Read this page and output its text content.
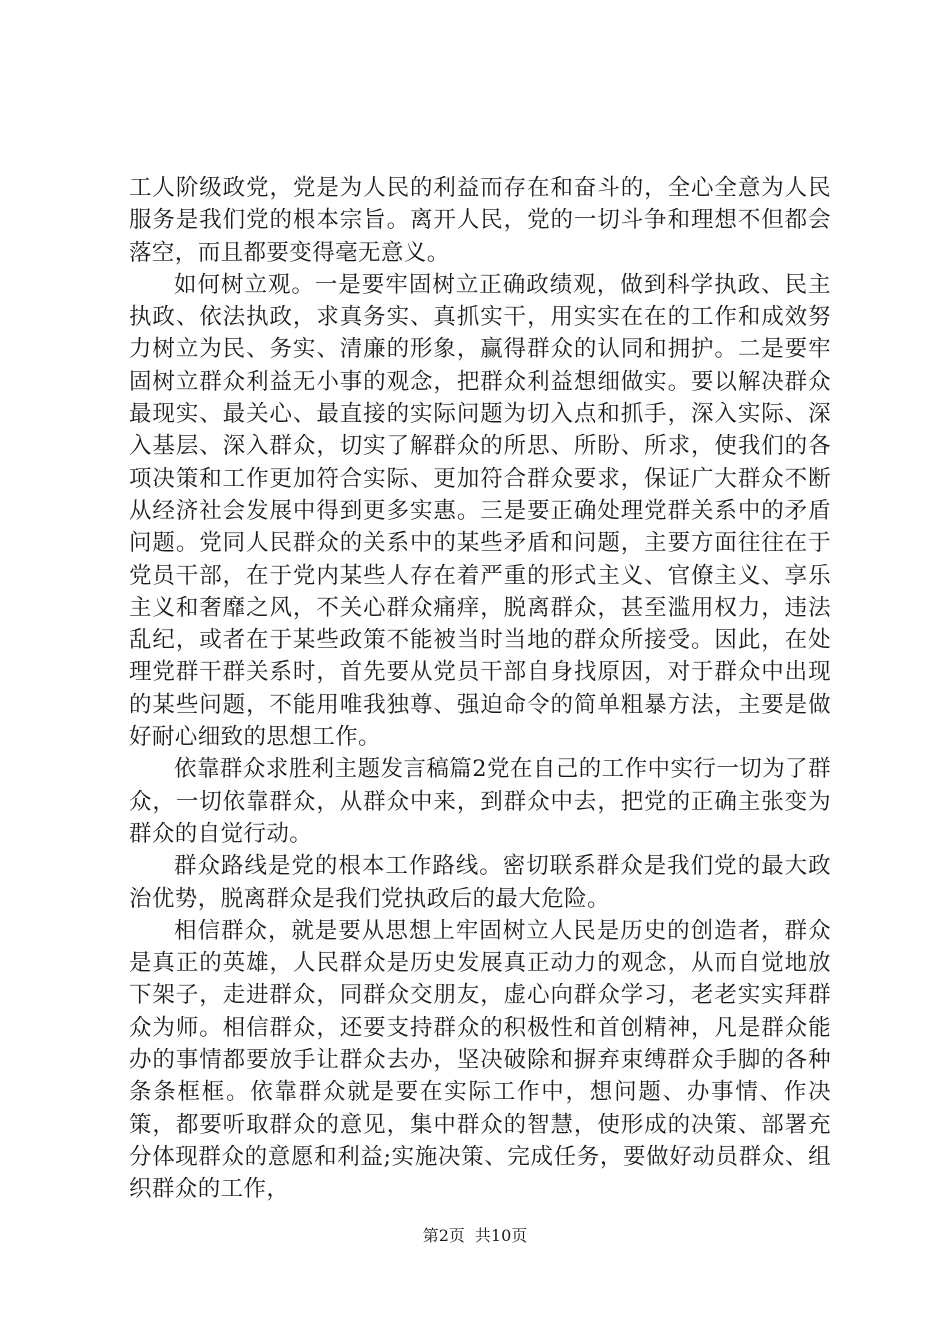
工人阶级政党，党是为人民的利益而存在和奋斗的，全心全意为人民服务是我们党的根本宗旨。离开人民，党的一切斗争和理想不但都会落空，而且都要变得毫无意义。

如何树立观。一是要牢固树立正确政绩观，做到科学执政、民主执政、依法执政，求真务实、真抓实干，用实实在在的工作和成效努力树立为民、务实、清廉的形象，赢得群众的认同和拥护。二是要牢固树立群众利益无小事的观念，把群众利益想细做实。要以解决群众最现实、最关心、最直接的实际问题为切入点和抓手，深入实际、深入基层、深入群众，切实了解群众的所思、所盼、所求，使我们的各项决策和工作更加符合实际、更加符合群众要求，保证广大群众不断从经济社会发展中得到更多实惠。三是要正确处理党群关系中的矛盾问题。党同人民群众的关系中的某些矛盾和问题，主要方面往往在于党员干部，在于党内某些人存在着严重的形式主义、官僚主义、享乐主义和奢靡之风，不关心群众痛痒，脱离群众，甚至滥用权力，违法乱纪，或者在于某些政策不能被当时当地的群众所接受。因此，在处理党群干群关系时，首先要从党员干部自身找原因，对于群众中出现的某些问题，不能用唯我独尊、强迫命令的简单粗暴方法，主要是做好耐心细致的思想工作。

依靠群众求胜利主题发言稿篇2党在自己的工作中实行一切为了群众，一切依靠群众，从群众中来，到群众中去，把党的正确主张变为群众的自觉行动。

群众路线是党的根本工作路线。密切联系群众是我们党的最大政治优势，脱离群众是我们党执政后的最大危险。

相信群众，就是要从思想上牢固树立人民是历史的创造者，群众是真正的英雄，人民群众是历史发展真正动力的观念，从而自觉地放下架子，走进群众，同群众交朋友，虚心向群众学习，老老实实拜群众为师。相信群众，还要支持群众的积极性和首创精神，凡是群众能办的事情都要放手让群众去办，坚决破除和摒弃束缚群众手脚的各种条条框框。依靠群众就是要在实际工作中，想问题、办事情、作决策，都要听取群众的意见，集中群众的智慧，使形成的决策、部署充分体现群众的意愿和利益;实施决策、完成任务，要做好动员群众、组织群众的工作，

第2页 共10页
